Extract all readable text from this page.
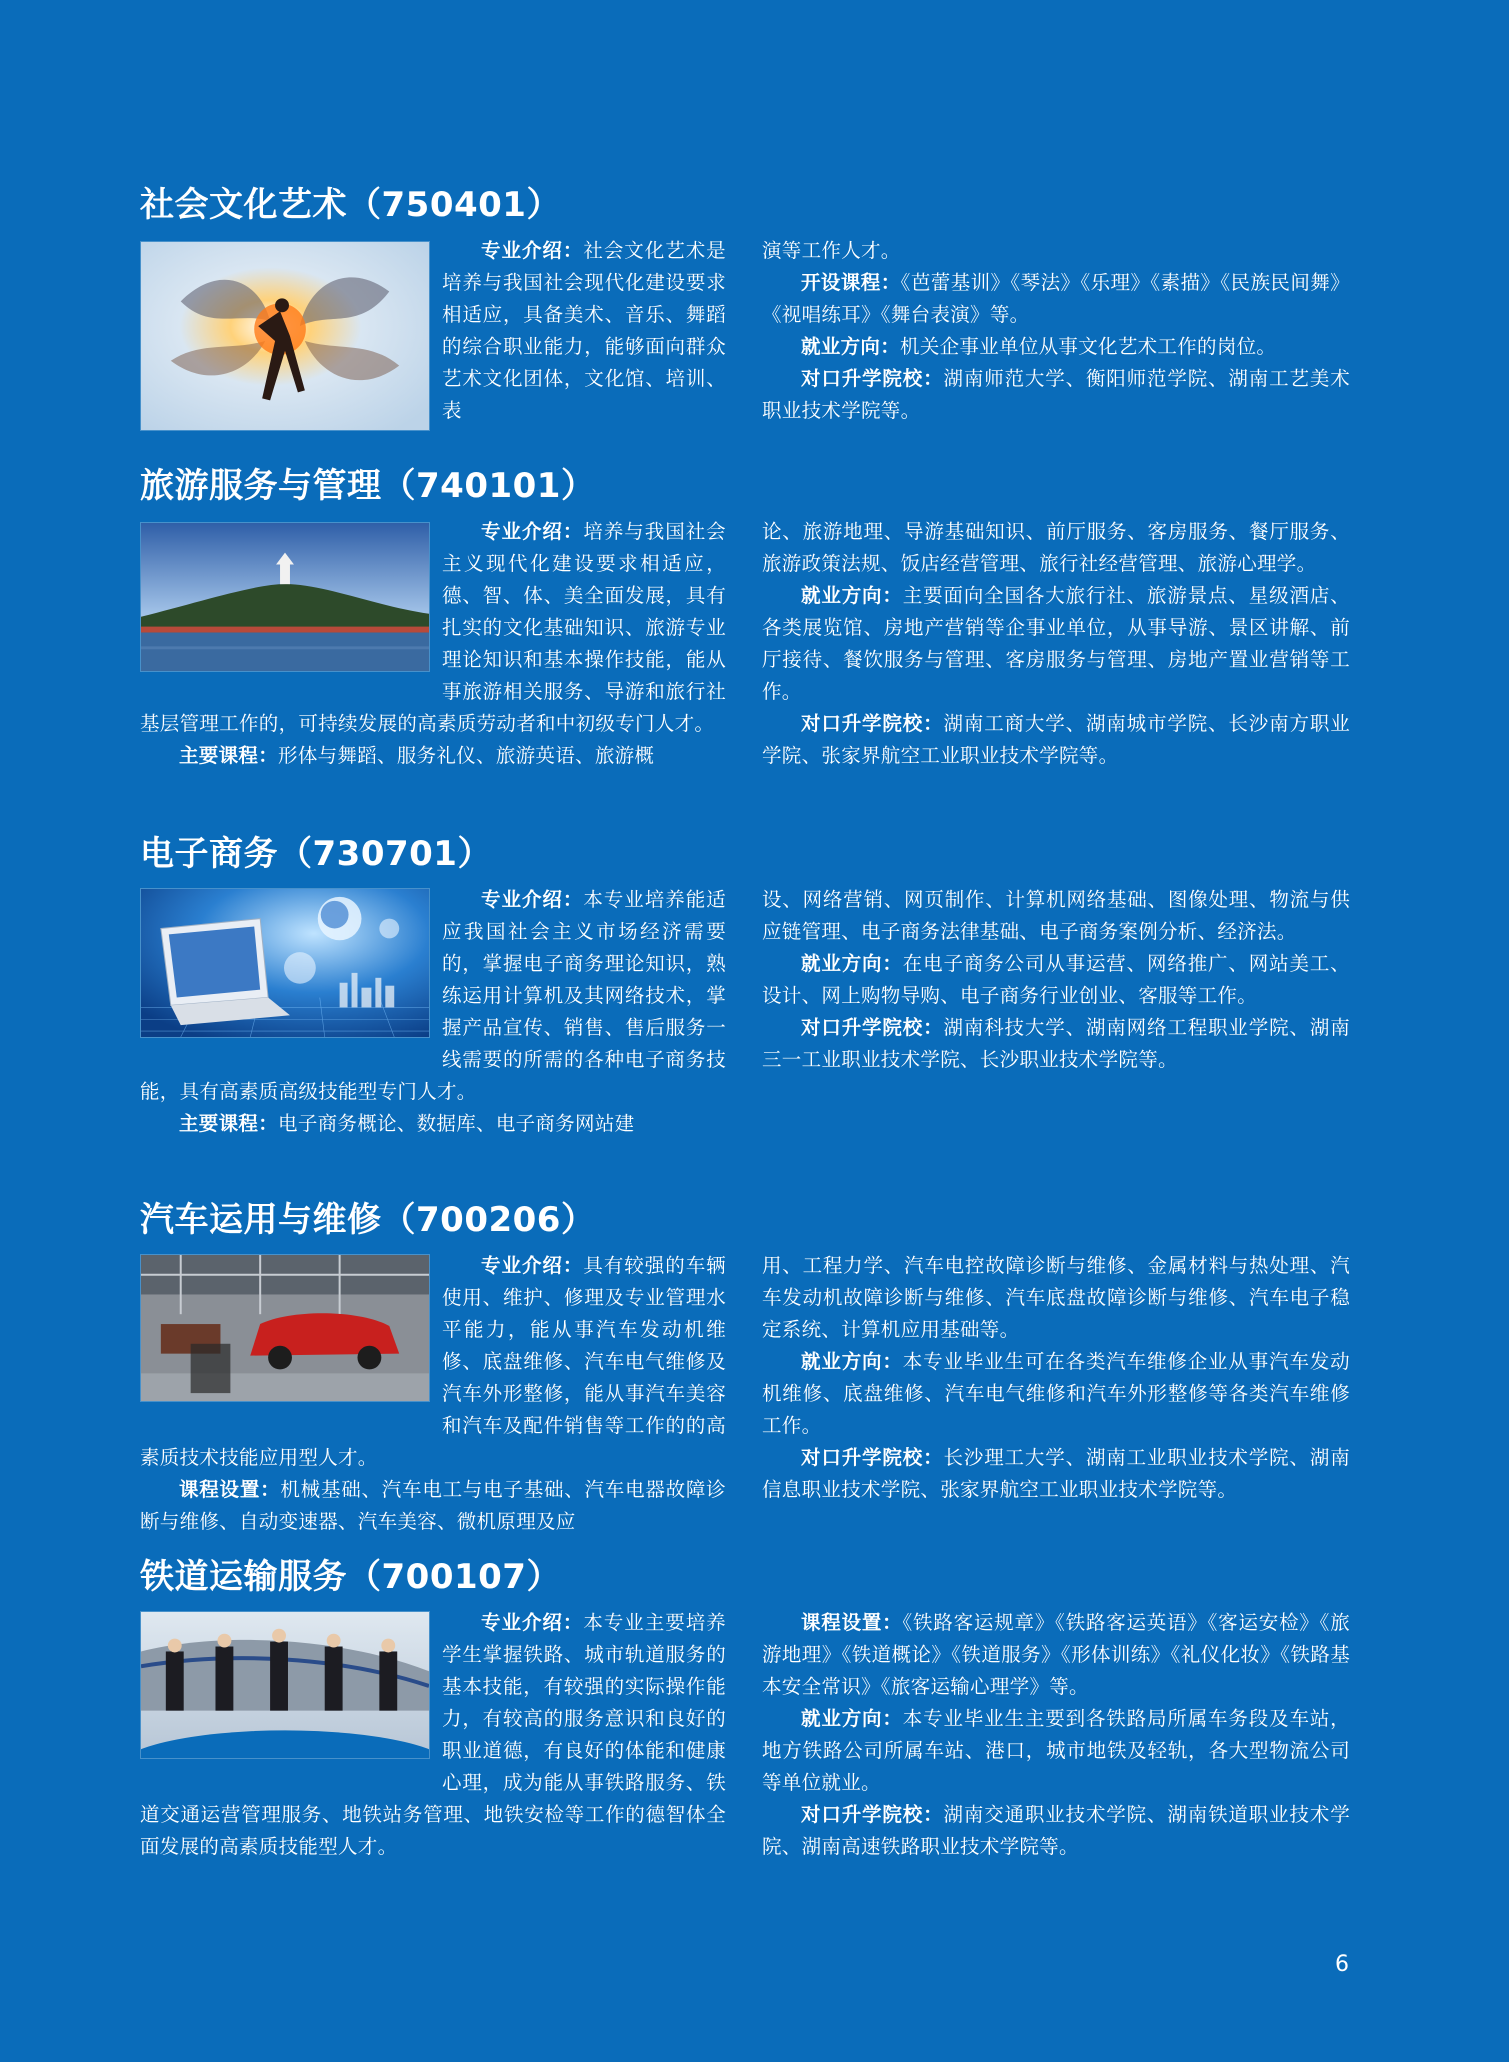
社会文化艺术（750401）

专业介绍：社会文化艺术是培养与我国社会现代化建设要求相适应，具备美术、音乐、舞蹈的综合职业能力，能够面向群众艺术文化团体，文化馆、培训、表

演等工作人才。

开设课程：《芭蕾基训》《琴法》《乐理》《素描》《民族民间舞》《视唱练耳》《舞台表演》等。

就业方向：机关企事业单位从事文化艺术工作的岗位。

对口升学院校：湖南师范大学、衡阳师范学院、湖南工艺美术职业技术学院等。

旅游服务与管理（740101）

专业介绍：培养与我国社会主义现代化建设要求相适应，德、智、体、美全面发展，具有扎实的文化基础知识、旅游专业理论知识和基本操作技能，能从事旅游相关服务、导游和旅行社基层管理工作的，可持续发展的高素质劳动者和中初级专门人才。

主要课程：形体与舞蹈、服务礼仪、旅游英语、旅游概

论、旅游地理、导游基础知识、前厅服务、客房服务、餐厅服务、旅游政策法规、饭店经营管理、旅行社经营管理、旅游心理学。

就业方向：主要面向全国各大旅行社、旅游景点、星级酒店、各类展览馆、房地产营销等企事业单位，从事导游、景区讲解、前厅接待、餐饮服务与管理、客房服务与管理、房地产置业营销等工作。

对口升学院校：湖南工商大学、湖南城市学院、长沙南方职业学院、张家界航空工业职业技术学院等。

电子商务（730701）

专业介绍：本专业培养能适应我国社会主义市场经济需要的，掌握电子商务理论知识，熟练运用计算机及其网络技术，掌握产品宣传、销售、售后服务一线需要的所需的各种电子商务技能，具有高素质高级技能型专门人才。

主要课程：电子商务概论、数据库、电子商务网站建

设、网络营销、网页制作、计算机网络基础、图像处理、物流与供应链管理、电子商务法律基础、电子商务案例分析、经济法。

就业方向：在电子商务公司从事运营、网络推广、网站美工、设计、网上购物导购、电子商务行业创业、客服等工作。

对口升学院校：湖南科技大学、湖南网络工程职业学院、湖南三一工业职业技术学院、长沙职业技术学院等。

汽车运用与维修（700206）

专业介绍：具有较强的车辆使用、维护、修理及专业管理水平能力，能从事汽车发动机维修、底盘维修、汽车电气维修及汽车外形整修，能从事汽车美容和汽车及配件销售等工作的的高素质技术技能应用型人才。

课程设置：机械基础、汽车电工与电子基础、汽车电器故障诊断与维修、自动变速器、汽车美容、微机原理及应

用、工程力学、汽车电控故障诊断与维修、金属材料与热处理、汽车发动机故障诊断与维修、汽车底盘故障诊断与维修、汽车电子稳定系统、计算机应用基础等。

就业方向：本专业毕业生可在各类汽车维修企业从事汽车发动机维修、底盘维修、汽车电气维修和汽车外形整修等各类汽车维修工作。

对口升学院校：长沙理工大学、湖南工业职业技术学院、湖南信息职业技术学院、张家界航空工业职业技术学院等。

铁道运输服务（700107）

专业介绍：本专业主要培养学生掌握铁路、城市轨道服务的基本技能，有较强的实际操作能力，有较高的服务意识和良好的职业道德，有良好的体能和健康心理，成为能从事铁路服务、铁道交通运营管理服务、地铁站务管理、地铁安检等工作的德智体全面发展的高素质技能型人才。

课程设置：《铁路客运规章》《铁路客运英语》《客运安检》《旅游地理》《铁道概论》《铁道服务》《形体训练》《礼仪化妆》《铁路基本安全常识》《旅客运输心理学》等。

就业方向：本专业毕业生主要到各铁路局所属车务段及车站，地方铁路公司所属车站、港口，城市地铁及轻轨，各大型物流公司等单位就业。

对口升学院校：湖南交通职业技术学院、湖南铁道职业技术学院、湖南高速铁路职业技术学院等。

6
